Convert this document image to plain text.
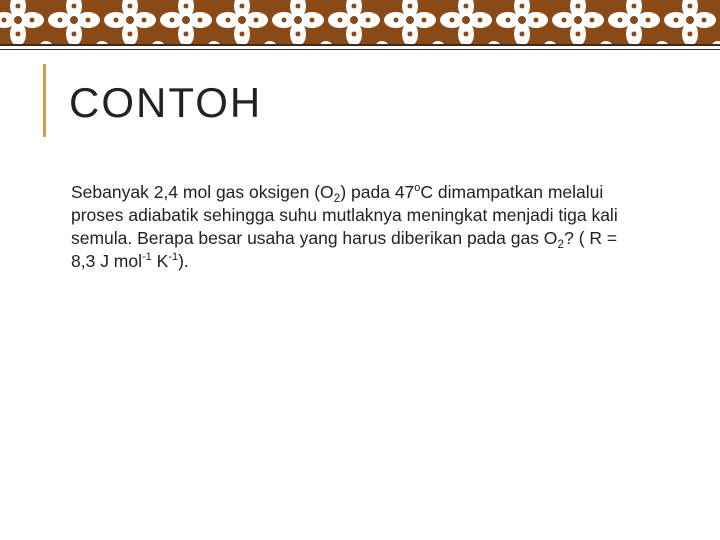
CONTOH
Sebanyak 2,4 mol gas oksigen $(O_2)$ pada 47$^o$C dimampatkan melalui proses adiabatik sehingga suhu mutlaknya meningkat menjadi tiga kali semula. Berapa besar usaha yang harus diberikan pada gas $O_2$? ( R = 8,3 J mol$^{-1}$ $K^{-1}$).
